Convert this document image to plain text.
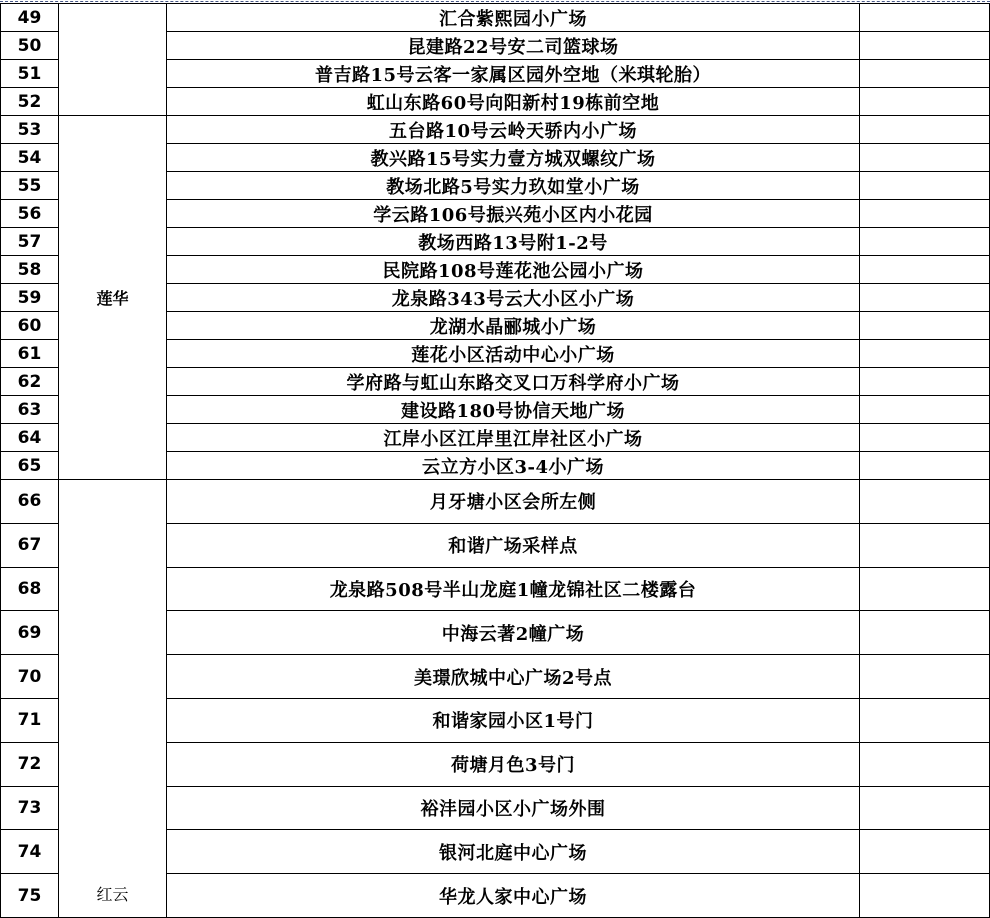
49		汇合紫熙园小广场	
50		昆建路22号安二司篮球场	
51		普吉路15号云客一家属区园外空地（米琪轮胎）	
52		虹山东路60号向阳新村19栋前空地	
53	莲华	五台路10号云岭天骄内小广场	
54		教兴路15号实力壹方城双螺纹广场	
55		教场北路5号实力玖如堂小广场	
56		学云路106号振兴苑小区内小花园	
57		教场西路13号附1-2号	
58		民院路108号莲花池公园小广场	
59		龙泉路343号云大小区小广场	
60		龙湖水晶郦城小广场	
61		莲花小区活动中心小广场	
62		学府路与虹山东路交叉口万科学府小广场	
63		建设路180号协信天地广场	
64		江岸小区江岸里江岸社区小广场	
65		云立方小区3-4小广场	
66	红云	月牙塘小区会所左侧	
67		和谐广场采样点	
68		龙泉路508号半山龙庭1幢龙锦社区二楼露台	
69		中海云著2幢广场	
70		美璟欣城中心广场2号点	
71		和谐家园小区1号门	
72		荷塘月色3号门	
73		裕沣园小区小广场外围	
74		银河北庭中心广场	
75		华龙人家中心广场	
